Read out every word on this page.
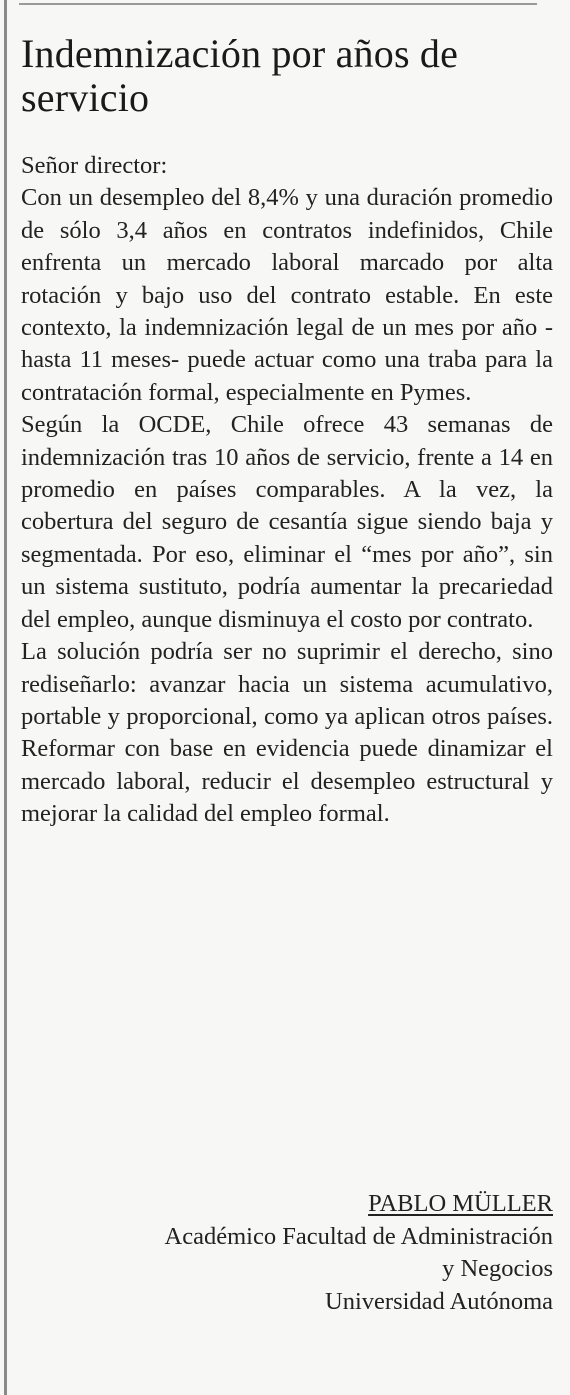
Indemnización por años de servicio

Señor director:

Con un desempleo del 8,4% y una duración promedio de sólo 3,4 años en contratos indefinidos, Chile enfrenta un mercado laboral marcado por alta rotación y bajo uso del contrato estable. En este contexto, la indemnización legal de un mes por año -hasta 11 meses- puede actuar como una traba para la contratación formal, especialmente en Pymes.

Según la OCDE, Chile ofrece 43 semanas de indemnización tras 10 años de servicio, frente a 14 en promedio en países comparables. A la vez, la cobertura del seguro de cesantía sigue siendo baja y segmentada. Por eso, eliminar el “mes por año”, sin un sistema sustituto, podría aumentar la precariedad del empleo, aunque disminuya el costo por contrato.

La solución podría ser no suprimir el derecho, sino rediseñarlo: avanzar hacia un sistema acumulativo, portable y proporcional, como ya aplican otros países. Reformar con base en evidencia puede dinamizar el mercado laboral, reducir el desempleo estructural y mejorar la calidad del empleo formal.

PABLO MÜLLER
Académico Facultad de Administración
y Negocios
Universidad Autónoma
